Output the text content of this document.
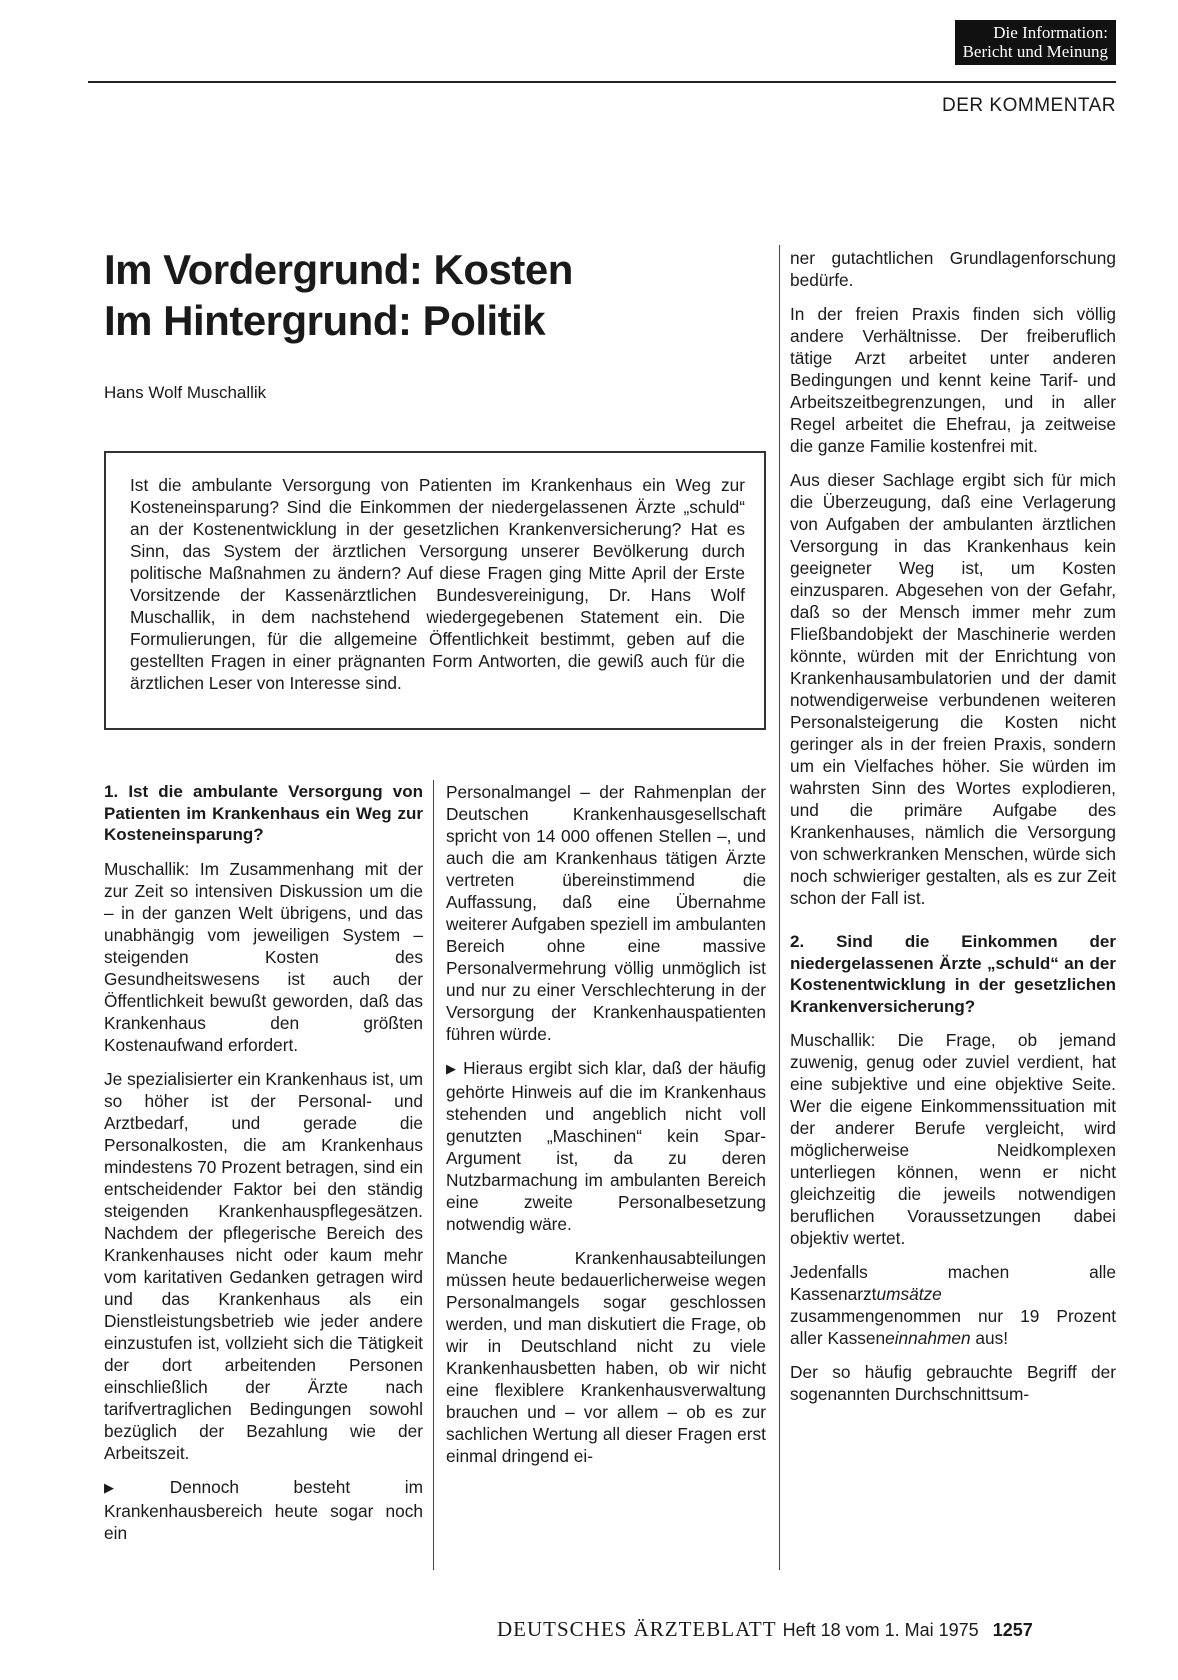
Die Information:
Bericht und Meinung
DER KOMMENTAR
Im Vordergrund: Kosten
Im Hintergrund: Politik
Hans Wolf Muschallik

Ist die ambulante Versorgung von Patienten im Krankenhaus ein Weg zur Kosteneinsparung? Sind die Einkommen der niedergelassenen Ärzte „schuld“ an der Kostenentwicklung in der gesetzlichen Krankenversicherung? Hat es Sinn, das System der ärztlichen Versorgung unserer Bevölkerung durch politische Maßnahmen zu ändern? Auf diese Fragen ging Mitte April der Erste Vorsitzende der Kassenärztlichen Bundesvereinigung, Dr. Hans Wolf Muschallik, in dem nachstehend wiedergegebenen Statement ein. Die Formulierungen, für die allgemeine Öffentlichkeit bestimmt, geben auf die gestellten Fragen in einer prägnanten Form Antworten, die gewiß auch für die ärztlichen Leser von Interesse sind.

1. Ist die ambulante Versorgung von Patienten im Krankenhaus ein Weg zur Kosteneinsparung?

Muschallik: Im Zusammenhang mit der zur Zeit so intensiven Diskussion um die – in der ganzen Welt übrigens, und das unabhängig vom jeweiligen System – steigenden Kosten des Gesundheitswesens ist auch der Öffentlichkeit bewußt geworden, daß das Krankenhaus den größten Kostenaufwand erfordert.

Je spezialisierter ein Krankenhaus ist, um so höher ist der Personal- und Arztbedarf, und gerade die Personalkosten, die am Krankenhaus mindestens 70 Prozent betragen, sind ein entscheidender Faktor bei den ständig steigenden Krankenhauspflegesätzen. Nachdem der pflegerische Bereich des Krankenhauses nicht oder kaum mehr vom karitativen Gedanken getragen wird und das Krankenhaus als ein Dienstleistungsbetrieb wie jeder andere einzustufen ist, vollzieht sich die Tätigkeit der dort arbeitenden Personen einschließlich der Ärzte nach tarifvertraglichen Bedingungen sowohl bezüglich der Bezahlung wie der Arbeitszeit.

▶ Dennoch besteht im Krankenhausbereich heute sogar noch ein

Personalmangel – der Rahmenplan der Deutschen Krankenhausgesellschaft spricht von 14 000 offenen Stellen –, und auch die am Krankenhaus tätigen Ärzte vertreten übereinstimmend die Auffassung, daß eine Übernahme weiterer Aufgaben speziell im ambulanten Bereich ohne eine massive Personalvermehrung völlig unmöglich ist und nur zu einer Verschlechterung in der Versorgung der Krankenhauspatienten führen würde.

▶ Hieraus ergibt sich klar, daß der häufig gehörte Hinweis auf die im Krankenhaus stehenden und angeblich nicht voll genutzten „Maschinen“ kein Spar-Argument ist, da zu deren Nutzbarmachung im ambulanten Bereich eine zweite Personalbesetzung notwendig wäre.

Manche Krankenhausabteilungen müssen heute bedauerlicherweise wegen Personalmangels sogar geschlossen werden, und man diskutiert die Frage, ob wir in Deutschland nicht zu viele Krankenhausbetten haben, ob wir nicht eine flexiblere Krankenhausverwaltung brauchen und – vor allem – ob es zur sachlichen Wertung all dieser Fragen erst einmal dringend ei-

ner gutachtlichen Grundlagenforschung bedürfe.

In der freien Praxis finden sich völlig andere Verhältnisse. Der freiberuflich tätige Arzt arbeitet unter anderen Bedingungen und kennt keine Tarif- und Arbeitszeitbegrenzungen, und in aller Regel arbeitet die Ehefrau, ja zeitweise die ganze Familie kostenfrei mit.

Aus dieser Sachlage ergibt sich für mich die Überzeugung, daß eine Verlagerung von Aufgaben der ambulanten ärztlichen Versorgung in das Krankenhaus kein geeigneter Weg ist, um Kosten einzusparen. Abgesehen von der Gefahr, daß so der Mensch immer mehr zum Fließbandobjekt der Maschinerie werden könnte, würden mit der Enrichtung von Krankenhausambulatorien und der damit notwendigerweise verbundenen weiteren Personalsteigerung die Kosten nicht geringer als in der freien Praxis, sondern um ein Vielfaches höher. Sie würden im wahrsten Sinn des Wortes explodieren, und die primäre Aufgabe des Krankenhauses, nämlich die Versorgung von schwerkranken Menschen, würde sich noch schwieriger gestalten, als es zur Zeit schon der Fall ist.

2. Sind die Einkommen der niedergelassenen Ärzte „schuld“ an der Kostenentwicklung in der gesetzlichen Krankenversicherung?

Muschallik: Die Frage, ob jemand zuwenig, genug oder zuviel verdient, hat eine subjektive und eine objektive Seite. Wer die eigene Einkommenssituation mit der anderer Berufe vergleicht, wird möglicherweise Neidkomplexen unterliegen können, wenn er nicht gleichzeitig die jeweils notwendigen beruflichen Voraussetzungen dabei objektiv wertet.

Jedenfalls machen alle Kassenarztumsätze zusammengenommen nur 19 Prozent aller Kasseneinnahmen aus!

Der so häufig gebrauchte Begriff der sogenannten Durchschnittsum-

DEUTSCHES ÄRZTEBLATT Heft 18 vom 1. Mai 1975 1257
